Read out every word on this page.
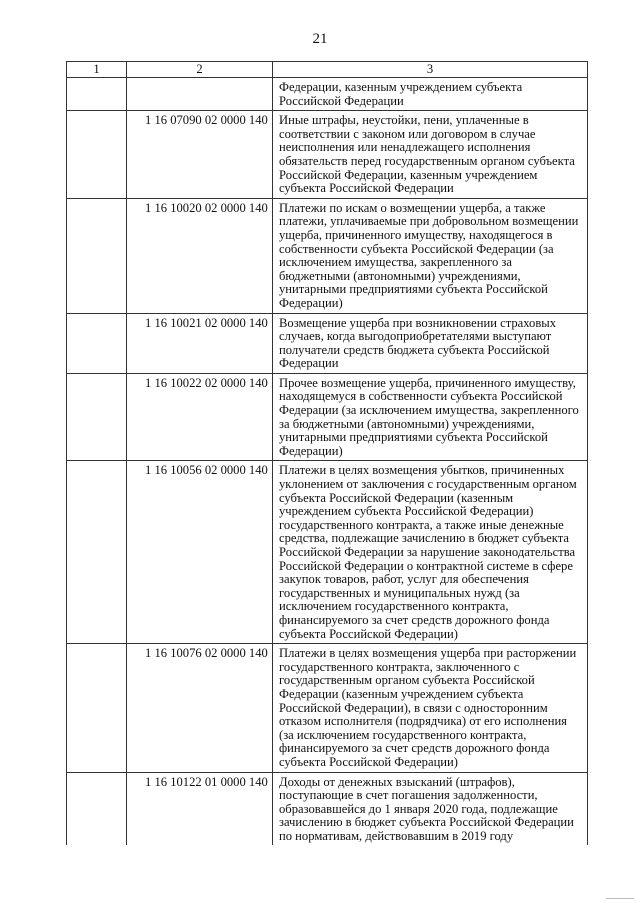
21
1	2	3
		Федерации, казенным учреждением субъекта Российской Федерации
	1 16 07090 02 0000 140	Иные штрафы, неустойки, пени, уплаченные в соответствии с законом или договором в случае неисполнения или ненадлежащего исполнения обязательств перед государственным органом субъекта Российской Федерации, казенным учреждением субъекта Российской Федерации
	1 16 10020 02 0000 140	Платежи по искам о возмещении ущерба, а также платежи, уплачиваемые при добровольном возмещении ущерба, причиненного имуществу, находящегося в собственности субъекта Российской Федерации (за исключением имущества, закрепленного за бюджетными (автономными) учреждениями, унитарными предприятиями субъекта Российской Федерации)
	1 16 10021 02 0000 140	Возмещение ущерба при возникновении страховых случаев, когда выгодоприобретателями выступают получатели средств бюджета субъекта Российской Федерации
	1 16 10022 02 0000 140	Прочее возмещение ущерба, причиненного имуществу, находящемуся в собственности субъекта Российской Федерации (за исключением имущества, закрепленного за бюджетными (автономными) учреждениями, унитарными предприятиями субъекта Российской Федерации)
	1 16 10056 02 0000 140	Платежи в целях возмещения убытков, причиненных уклонением от заключения с государственным органом субъекта Российской Федерации (казенным учреждением субъекта Российской Федерации) государственного контракта, а также иные денежные средства, подлежащие зачислению в бюджет субъекта Российской Федерации за нарушение законодательства Российской Федерации о контрактной системе в сфере закупок товаров, работ, услуг для обеспечения государственных и муниципальных нужд (за исключением государственного контракта, финансируемого за счет средств дорожного фонда субъекта Российской Федерации)
	1 16 10076 02 0000 140	Платежи в целях возмещения ущерба при расторжении государственного контракта, заключенного с государственным органом субъекта Российской Федерации (казенным учреждением субъекта Российской Федерации), в связи с односторонним отказом исполнителя (подрядчика) от его исполнения (за исключением государственного контракта, финансируемого за счет средств дорожного фонда субъекта Российской Федерации)
	1 16 10122 01 0000 140	Доходы от денежных взысканий (штрафов), поступающие в счет погашения задолженности, образовавшейся до 1 января 2020 года, подлежащие зачислению в бюджет субъекта Российской Федерации по нормативам, действовавшим в 2019 году
